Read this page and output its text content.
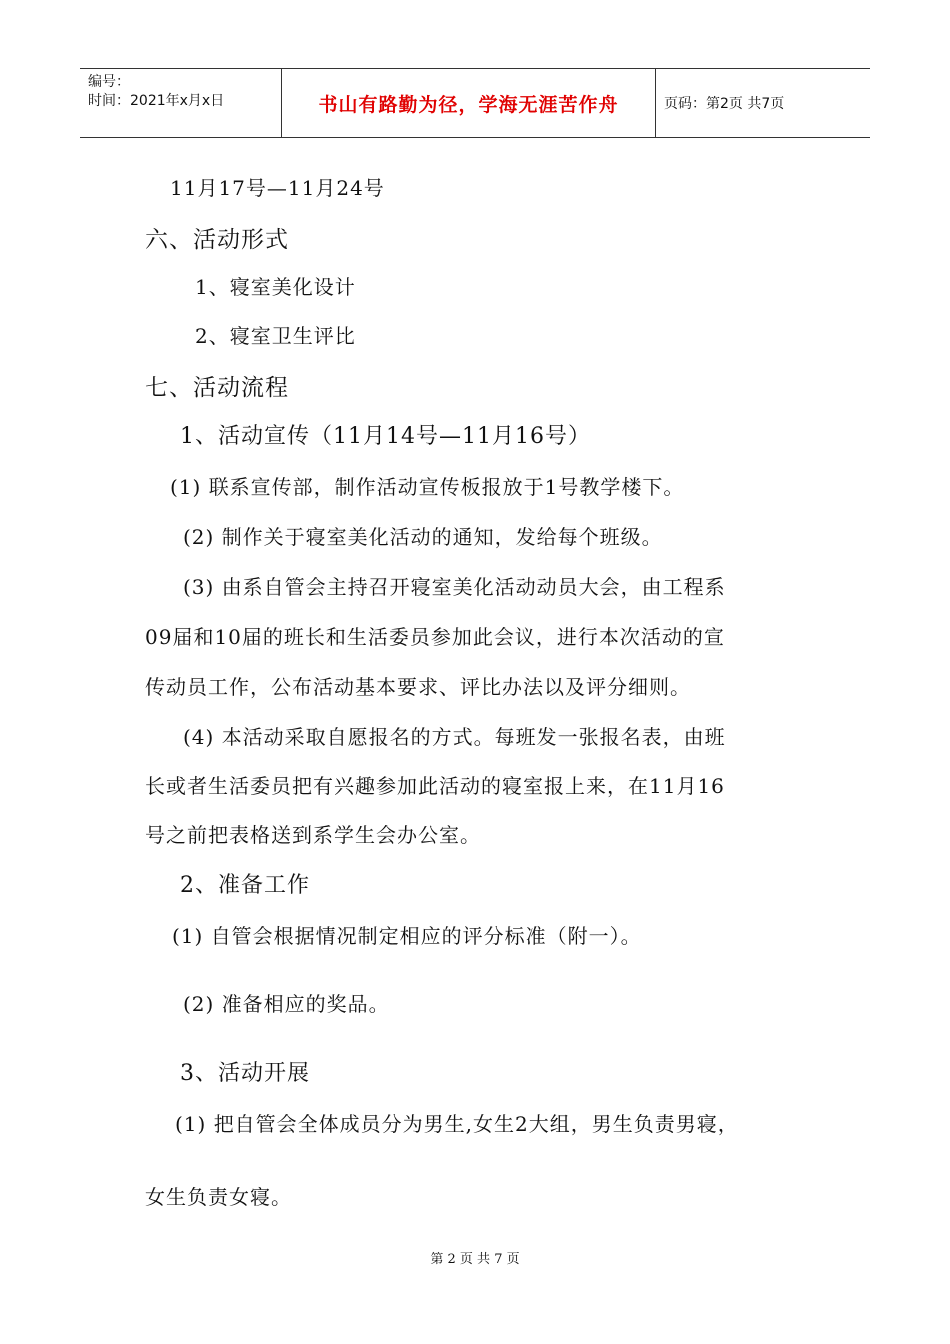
编号：
时间：2021年x月x日	书山有路勤为径，学海无涯苦作舟	页码：第2页 共7页
11月17号—11月24号
六、活动形式
1、寝室美化设计
2、寝室卫生评比
七、活动流程
1、活动宣传（11月14号—11月16号）
(1) 联系宣传部，制作活动宣传板报放于1号教学楼下。
(2) 制作关于寝室美化活动的通知，发给每个班级。
(3) 由系自管会主持召开寝室美化活动动员大会，由工程系
09届和10届的班长和生活委员参加此会议，进行本次活动的宣
传动员工作，公布活动基本要求、评比办法以及评分细则。
(4) 本活动采取自愿报名的方式。每班发一张报名表，由班
长或者生活委员把有兴趣参加此活动的寝室报上来，在11月16
号之前把表格送到系学生会办公室。
2、准备工作
(1) 自管会根据情况制定相应的评分标准（附一）。
(2) 准备相应的奖品。
3、活动开展
(1) 把自管会全体成员分为男生,女生2大组，男生负责男寝，
女生负责女寝。
第 2 页 共 7 页
